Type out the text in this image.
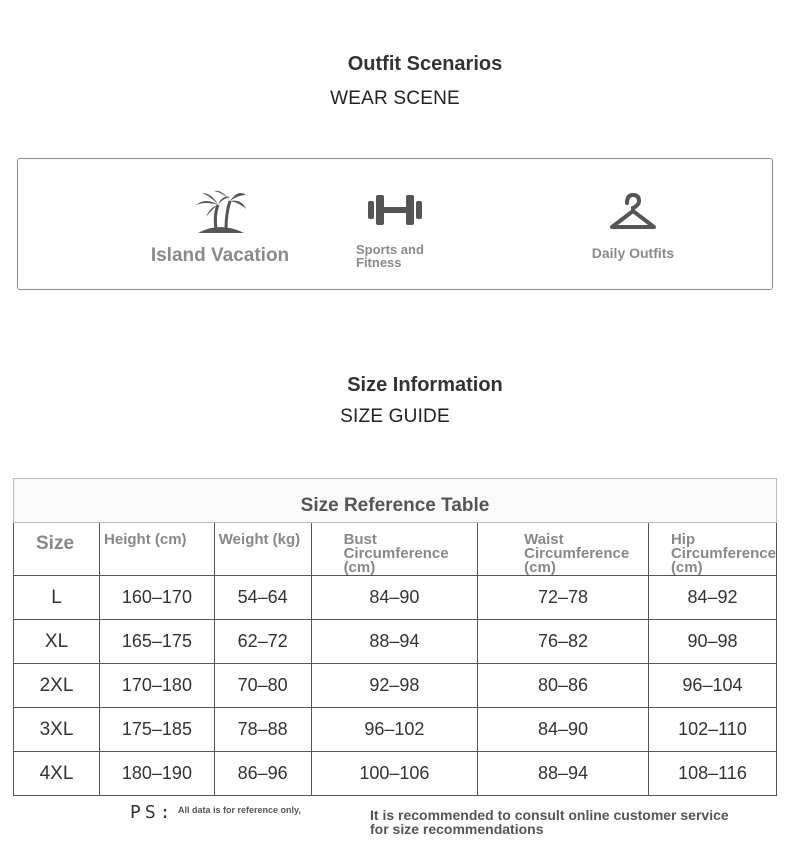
Outfit Scenarios
WEAR SCENE
Island Vacation	Sports and Fitness
Daily Outfits
Size Information
SIZE GUIDE
Size Reference Table					
Size	Height (cm)	Weight (kg)	Bust Circumference (cm)	Waist Circumference (cm)	Hip Circumference (cm)
L	160–170	54–64	84–90	72–78	84–92
XL	165–175	62–72	88–94	76–82	90–98
2XL	170–180	70–80	92–98	80–86	96–104
3XL	175–185	78–88	96–102	84–90	102–110
4XL	180–190	86–96	100–106	88–94	108–116
PS: All data is for reference only,	It is recommended to consult online customer service for size recommendations
